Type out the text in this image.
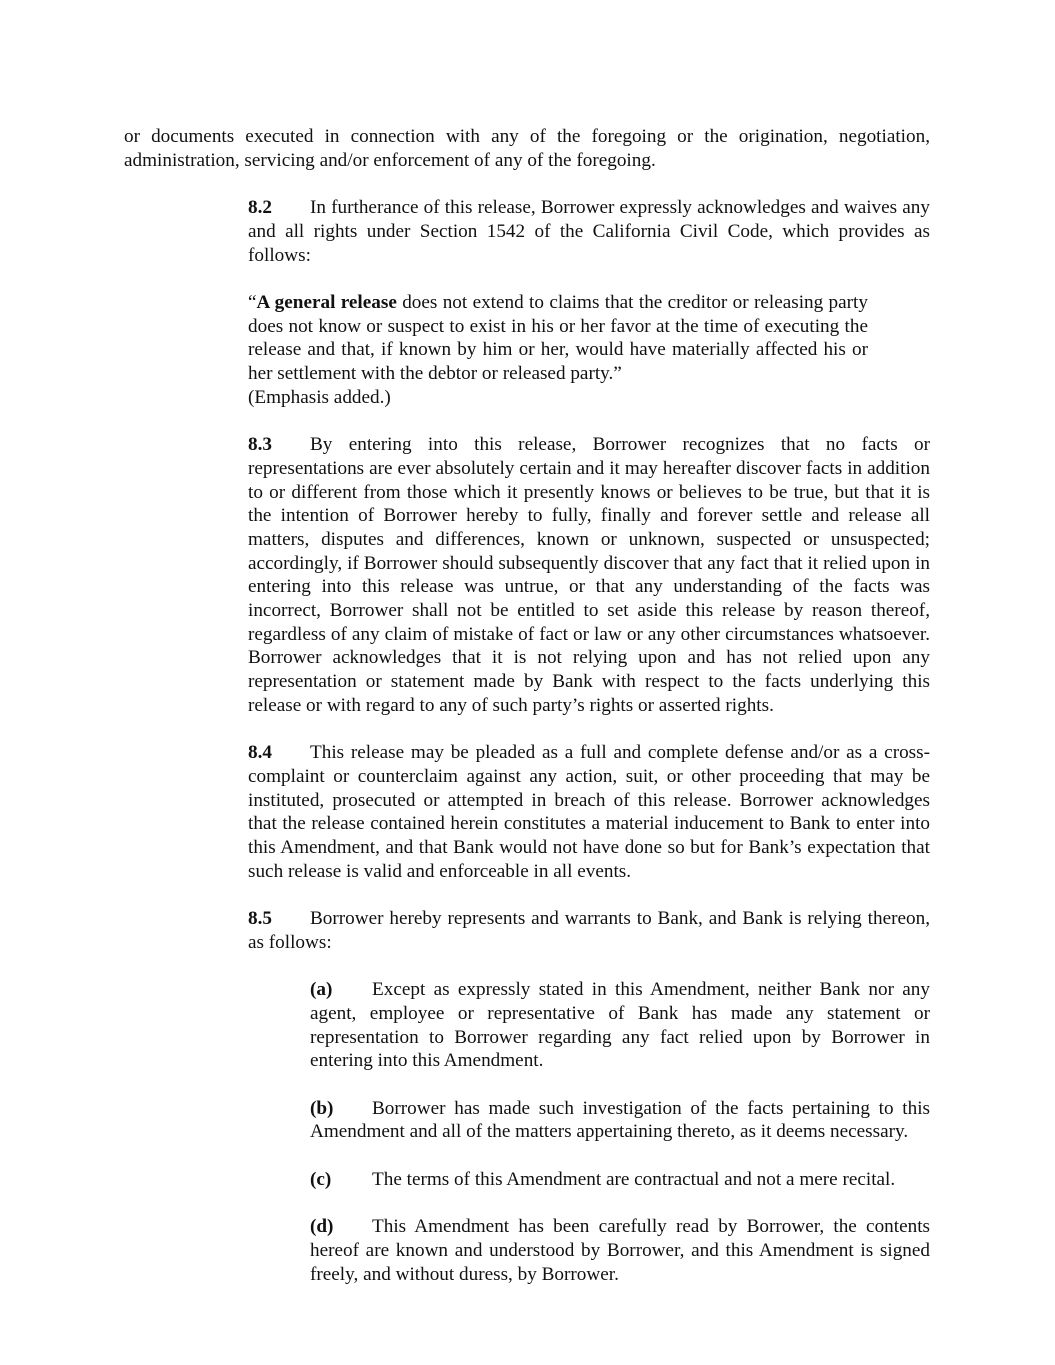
or documents executed in connection with any of the foregoing or the origination, negotiation, administration, servicing and/or enforcement of any of the foregoing.

8.2 In furtherance of this release, Borrower expressly acknowledges and waives any and all rights under Section 1542 of the California Civil Code, which provides as follows:

“A general release does not extend to claims that the creditor or releasing party does not know or suspect to exist in his or her favor at the time of executing the release and that, if known by him or her, would have materially affected his or her settlement with the debtor or released party.”
(Emphasis added.)

8.3 By entering into this release, Borrower recognizes that no facts or representations are ever absolutely certain and it may hereafter discover facts in addition to or different from those which it presently knows or believes to be true, but that it is the intention of Borrower hereby to fully, finally and forever settle and release all matters, disputes and differences, known or unknown, suspected or unsuspected; accordingly, if Borrower should subsequently discover that any fact that it relied upon in entering into this release was untrue, or that any understanding of the facts was incorrect, Borrower shall not be entitled to set aside this release by reason thereof, regardless of any claim of mistake of fact or law or any other circumstances whatsoever. Borrower acknowledges that it is not relying upon and has not relied upon any representation or statement made by Bank with respect to the facts underlying this release or with regard to any of such party’s rights or asserted rights.

8.4 This release may be pleaded as a full and complete defense and/or as a cross-complaint or counterclaim against any action, suit, or other proceeding that may be instituted, prosecuted or attempted in breach of this release. Borrower acknowledges that the release contained herein constitutes a material inducement to Bank to enter into this Amendment, and that Bank would not have done so but for Bank’s expectation that such release is valid and enforceable in all events.

8.5 Borrower hereby represents and warrants to Bank, and Bank is relying thereon, as follows:

(a) Except as expressly stated in this Amendment, neither Bank nor any agent, employee or representative of Bank has made any statement or representation to Borrower regarding any fact relied upon by Borrower in entering into this Amendment.

(b) Borrower has made such investigation of the facts pertaining to this Amendment and all of the matters appertaining thereto, as it deems necessary.

(c) The terms of this Amendment are contractual and not a mere recital.

(d) This Amendment has been carefully read by Borrower, the contents hereof are known and understood by Borrower, and this Amendment is signed freely, and without duress, by Borrower.
